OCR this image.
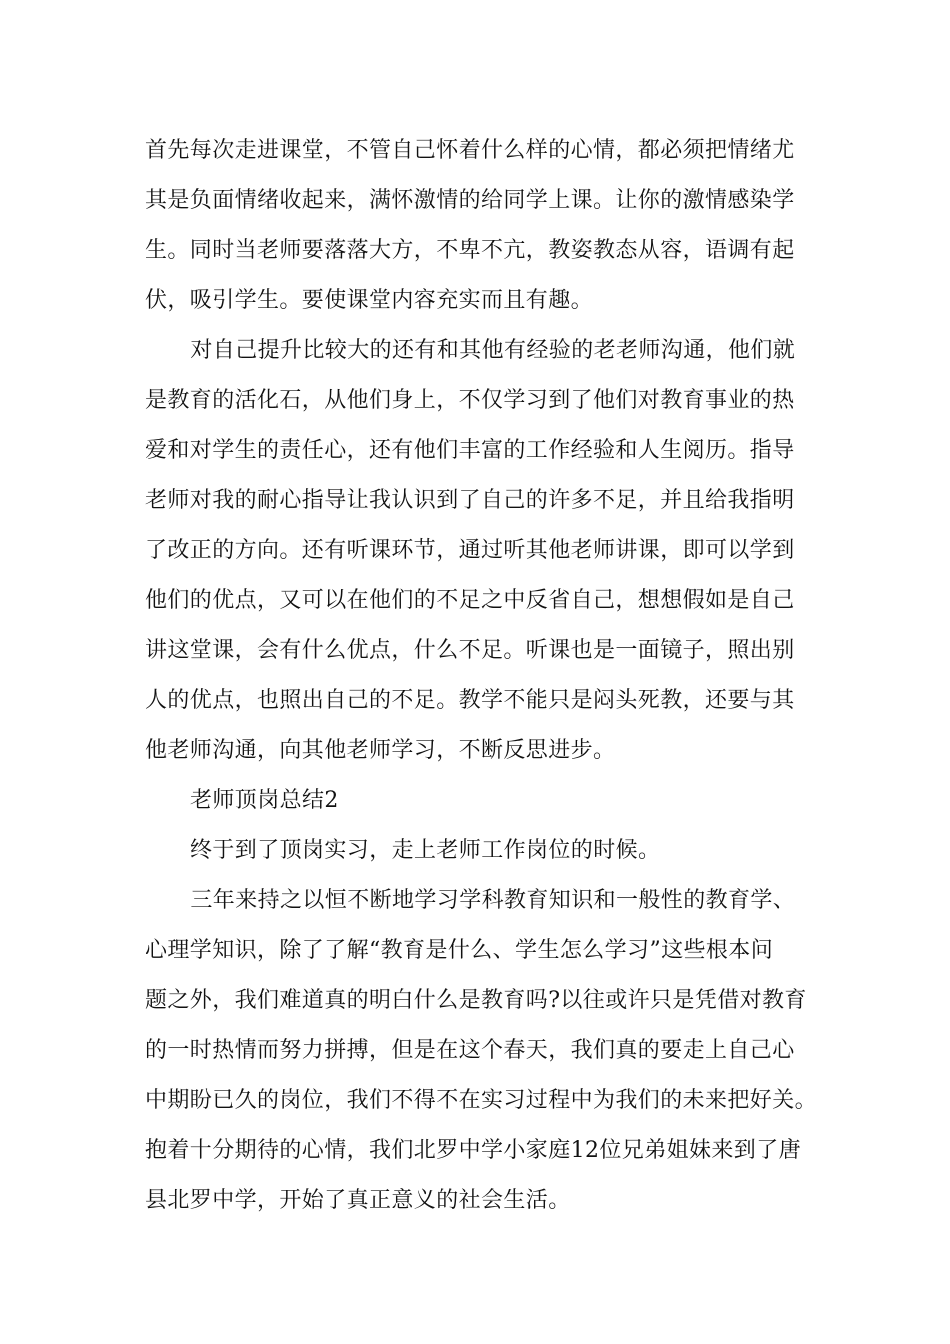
首先每次走进课堂，不管自己怀着什么样的心情，都必须把情绪尤
其是负面情绪收起来，满怀激情的给同学上课。让你的激情感染学
生。同时当老师要落落大方，不卑不亢，教姿教态从容，语调有起
伏，吸引学生。要使课堂内容充实而且有趣。
　对自己提升比较大的还有和其他有经验的老老师沟通，他们就
是教育的活化石，从他们身上，不仅学习到了他们对教育事业的热
爱和对学生的责任心，还有他们丰富的工作经验和人生阅历。指导
老师对我的耐心指导让我认识到了自己的许多不足，并且给我指明
了改正的方向。还有听课环节，通过听其他老师讲课，即可以学到
他们的优点，又可以在他们的不足之中反省自己，想想假如是自己
讲这堂课，会有什么优点，什么不足。听课也是一面镜子，照出别
人的优点，也照出自己的不足。教学不能只是闷头死教，还要与其
他老师沟通，向其他老师学习，不断反思进步。
老师顶岗总结2
终于到了顶岗实习，走上老师工作岗位的时候。
　三年来持之以恒不断地学习学科教育知识和一般性的教育学、
心理学知识，除了了解“教育是什么、学生怎么学习”这些根本问
题之外，我们难道真的明白什么是教育吗?以往或许只是凭借对教育
的一时热情而努力拼搏，但是在这个春天，我们真的要走上自己心
中期盼已久的岗位，我们不得不在实习过程中为我们的未来把好关。
抱着十分期待的心情，我们北罗中学小家庭12位兄弟姐妹来到了唐
县北罗中学，开始了真正意义的社会生活。
